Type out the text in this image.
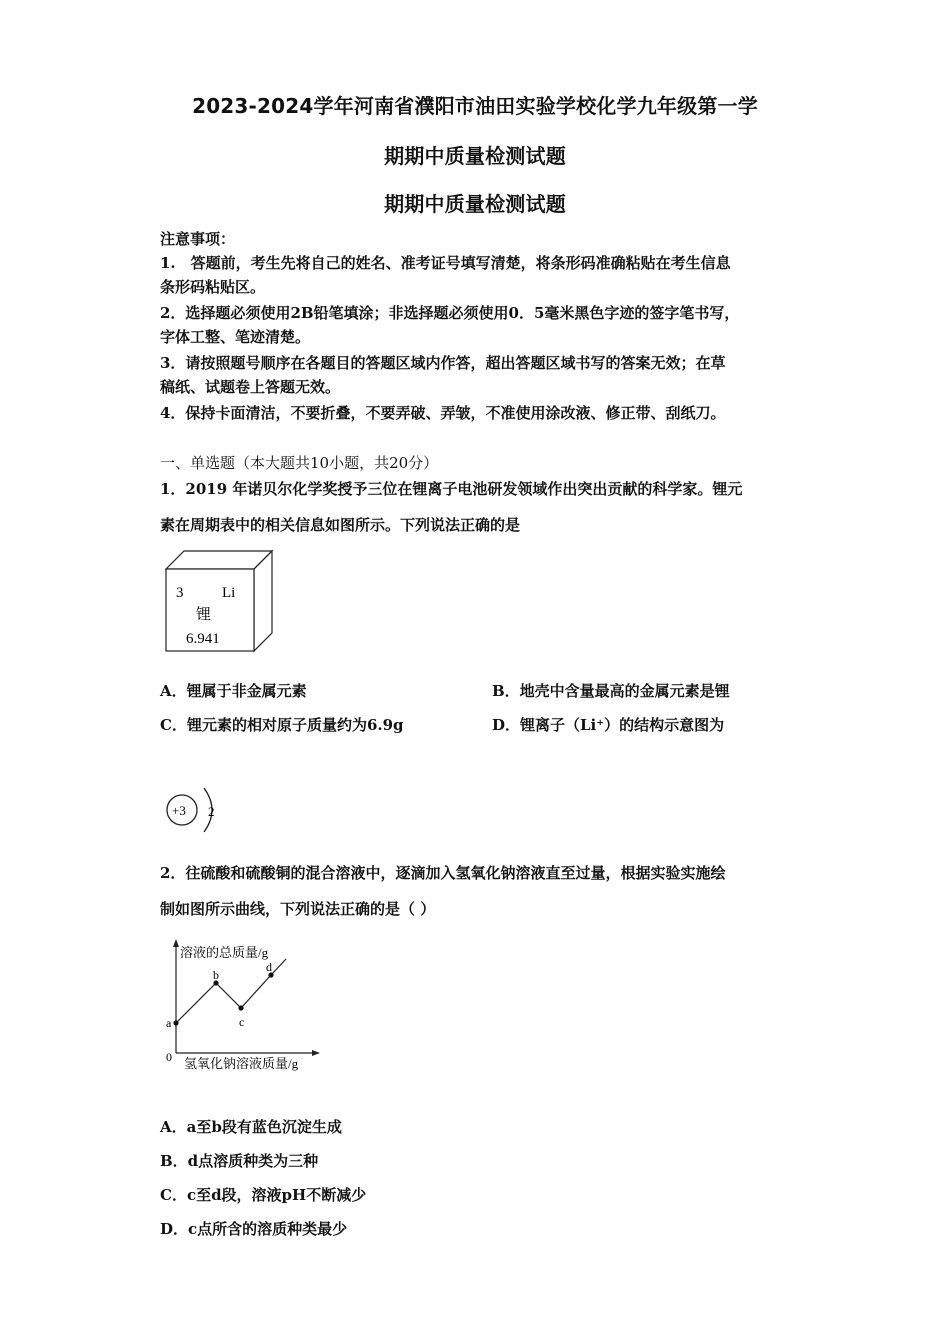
2023-2024学年河南省濮阳市油田实验学校化学九年级第一学
期期中质量检测试题
期期中质量检测试题
注意事项：
1.　答题前，考生先将自己的姓名、准考证号填写清楚，将条形码准确粘贴在考生信息
条形码粘贴区。
2．选择题必须使用2B铅笔填涂；非选择题必须使用0．5毫米黑色字迹的签字笔书写，
字体工整、笔迹清楚。
3．请按照题号顺序在各题目的答题区域内作答，超出答题区域书写的答案无效；在草
稿纸、试题卷上答题无效。
4．保持卡面清洁，不要折叠，不要弄破、弄皱，不准使用涂改液、修正带、刮纸刀。
一、单选题（本大题共10小题，共20分）
1．2019 年诺贝尔化学奖授予三位在锂离子电池研发领域作出突出贡献的科学家。锂元
素在周期表中的相关信息如图所示。下列说法正确的是
3	Li
锂
6.941
A．锂属于非金属元素	B．地壳中含量最高的金属元素是锂
C．锂元素的相对原子质量约为6.9g	D．锂离子（Li⁺）的结构示意图为
+3 2
2．往硫酸和硫酸铜的混合溶液中，逐滴加入氢氧化钠溶液直至过量，根据实验实施绘
制如图所示曲线，下列说法正确的是（ ）
溶液的总质量/g
氢氧化钠溶液质量/g
0
a
b
c
d
A．a至b段有蓝色沉淀生成
B．d点溶质种类为三种
C．c至d段，溶液pH不断减少
D．c点所含的溶质种类最少
